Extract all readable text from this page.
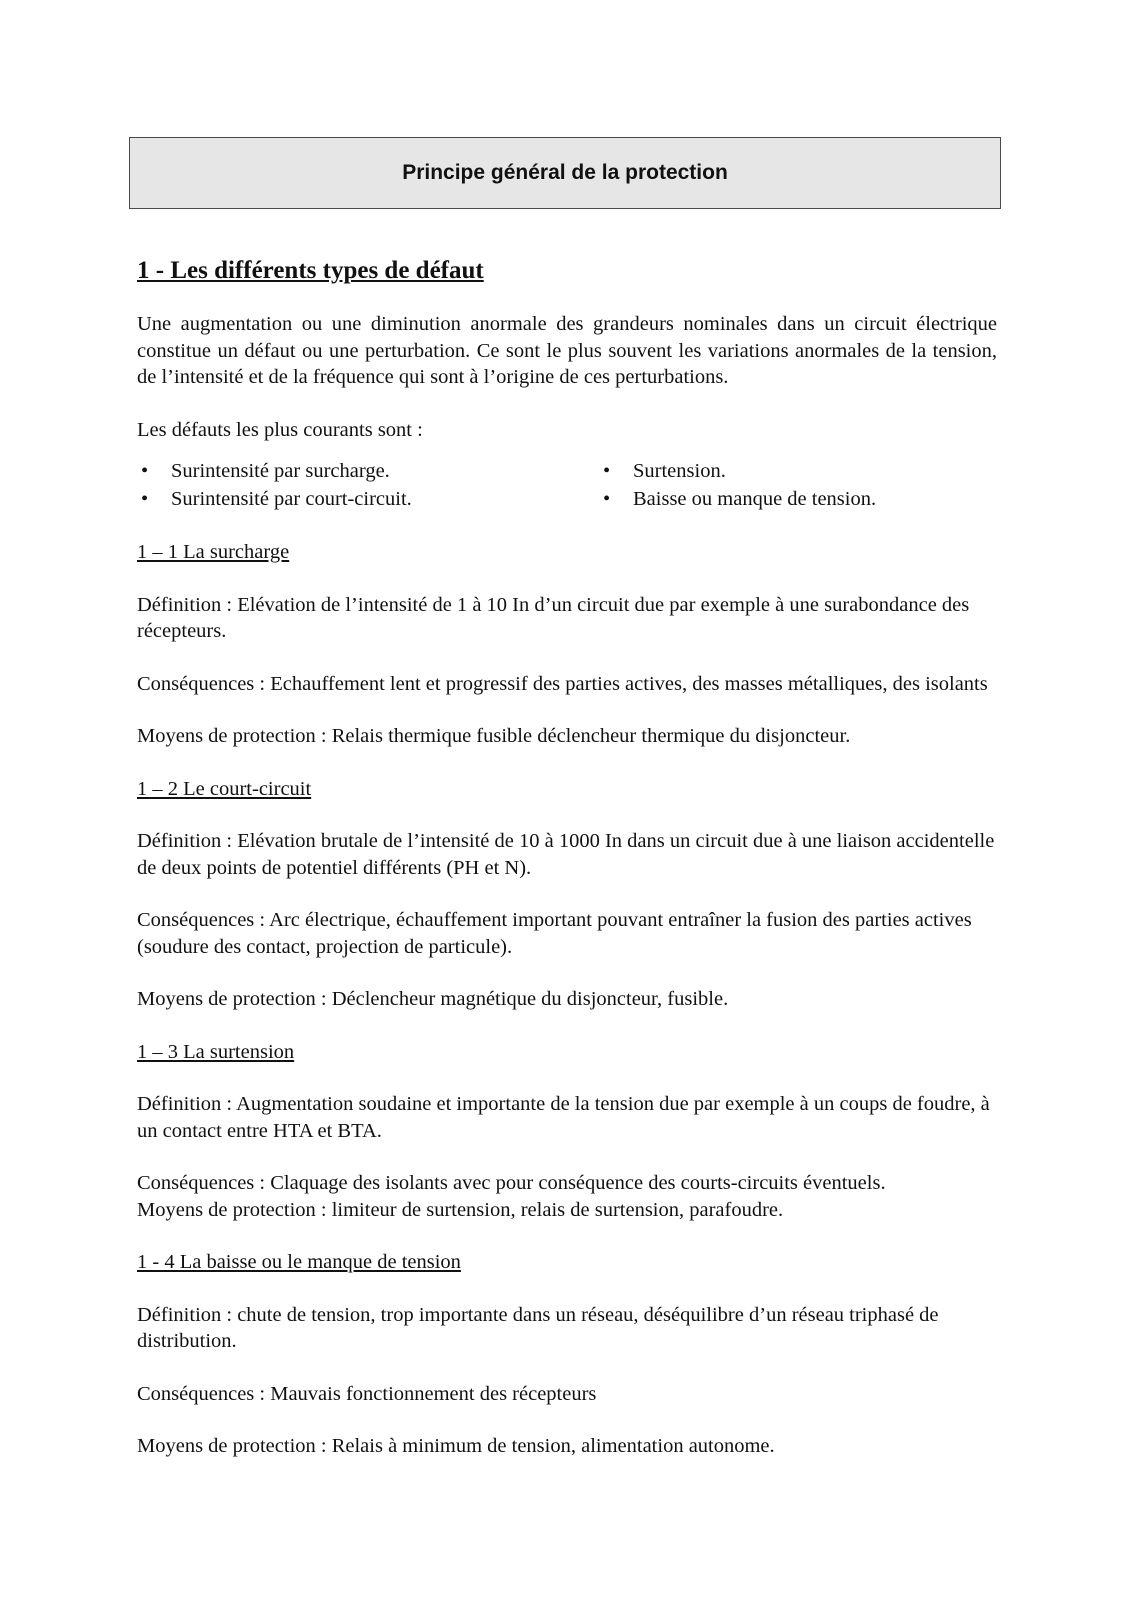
Principe général de la protection
1 - Les différents types de défaut

Une augmentation ou une diminution anormale des grandeurs nominales dans un circuit électrique constitue un défaut ou une perturbation. Ce sont le plus souvent les variations anormales de la tension, de l’intensité et de la fréquence qui sont à l’origine de ces perturbations.

Les défauts les plus courants sont :

• Surintensité par surcharge.
• Surintensité par court-circuit.
• Surtension.
• Baisse ou manque de tension.

1 – 1 La surcharge

Définition : Elévation de l’intensité de 1 à 10 In d’un circuit due par exemple à une surabondance des récepteurs.

Conséquences : Echauffement lent et progressif des parties actives, des masses métalliques, des isolants

Moyens de protection : Relais thermique fusible déclencheur thermique du disjoncteur.

1 – 2 Le court-circuit

Définition : Elévation brutale de l’intensité de 10 à 1000 In dans un circuit due à une liaison accidentelle de deux points de potentiel différents (PH et N).

Conséquences : Arc électrique, échauffement important pouvant entraîner la fusion des parties actives (soudure des contact, projection de particule).

Moyens de protection : Déclencheur magnétique du disjoncteur, fusible.

1 – 3 La surtension

Définition : Augmentation soudaine et importante de la tension due par exemple à un coups de foudre, à un contact entre HTA et BTA.

Conséquences : Claquage des isolants avec pour conséquence des courts-circuits éventuels.

Moyens de protection : limiteur de surtension, relais de surtension, parafoudre.

1 - 4 La baisse ou le manque de tension

Définition : chute de tension, trop importante dans un réseau, déséquilibre d’un réseau triphasé de distribution.

Conséquences : Mauvais fonctionnement des récepteurs

Moyens de protection : Relais à minimum de tension, alimentation autonome.
